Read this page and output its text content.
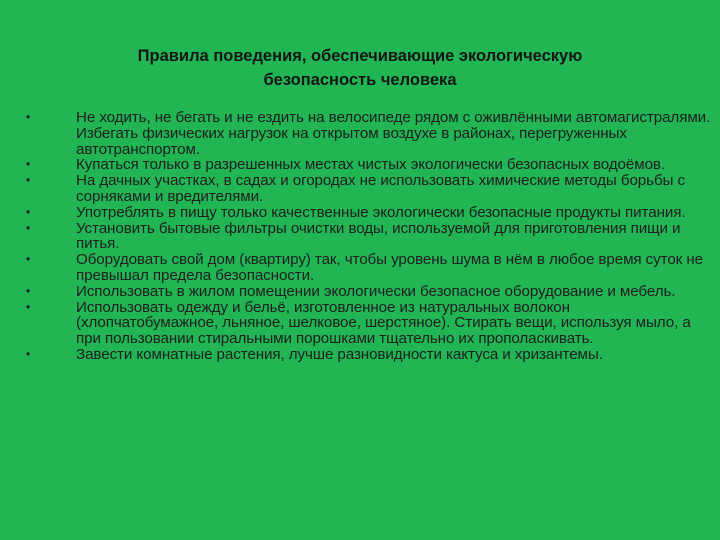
Правила поведения, обеспечивающие экологическую
безопасность человека
•	Не ходить, не бегать и не ездить на велосипеде рядом с оживлёнными автомагистралями. Избегать физических нагрузок на открытом воздухе в районах, перегруженных автотранспортом.
•	Купаться только в разрешенных местах чистых экологически безопасных водоёмов.
•	На дачных участках, в садах и огородах не использовать химические методы борьбы с сорняками и вредителями.
•	Употреблять в пищу только качественные экологически безопасные продукты питания.
•	Установить бытовые фильтры очистки воды, используемой для приготовления пищи и питья.
•	Оборудовать свой дом (квартиру) так, чтобы уровень шума в нём в любое время суток не превышал предела безопасности.
•	Использовать в жилом помещении экологически безопасное оборудование и мебель.
•	Использовать одежду и бельё, изготовленное из натуральных волокон (хлопчатобумажное, льняное, шелковое, шерстяное). Стирать вещи, используя мыло, а при пользовании стиральными порошками тщательно их прополаскивать.
•	Завести комнатные растения, лучше разновидности кактуса и хризантемы.
